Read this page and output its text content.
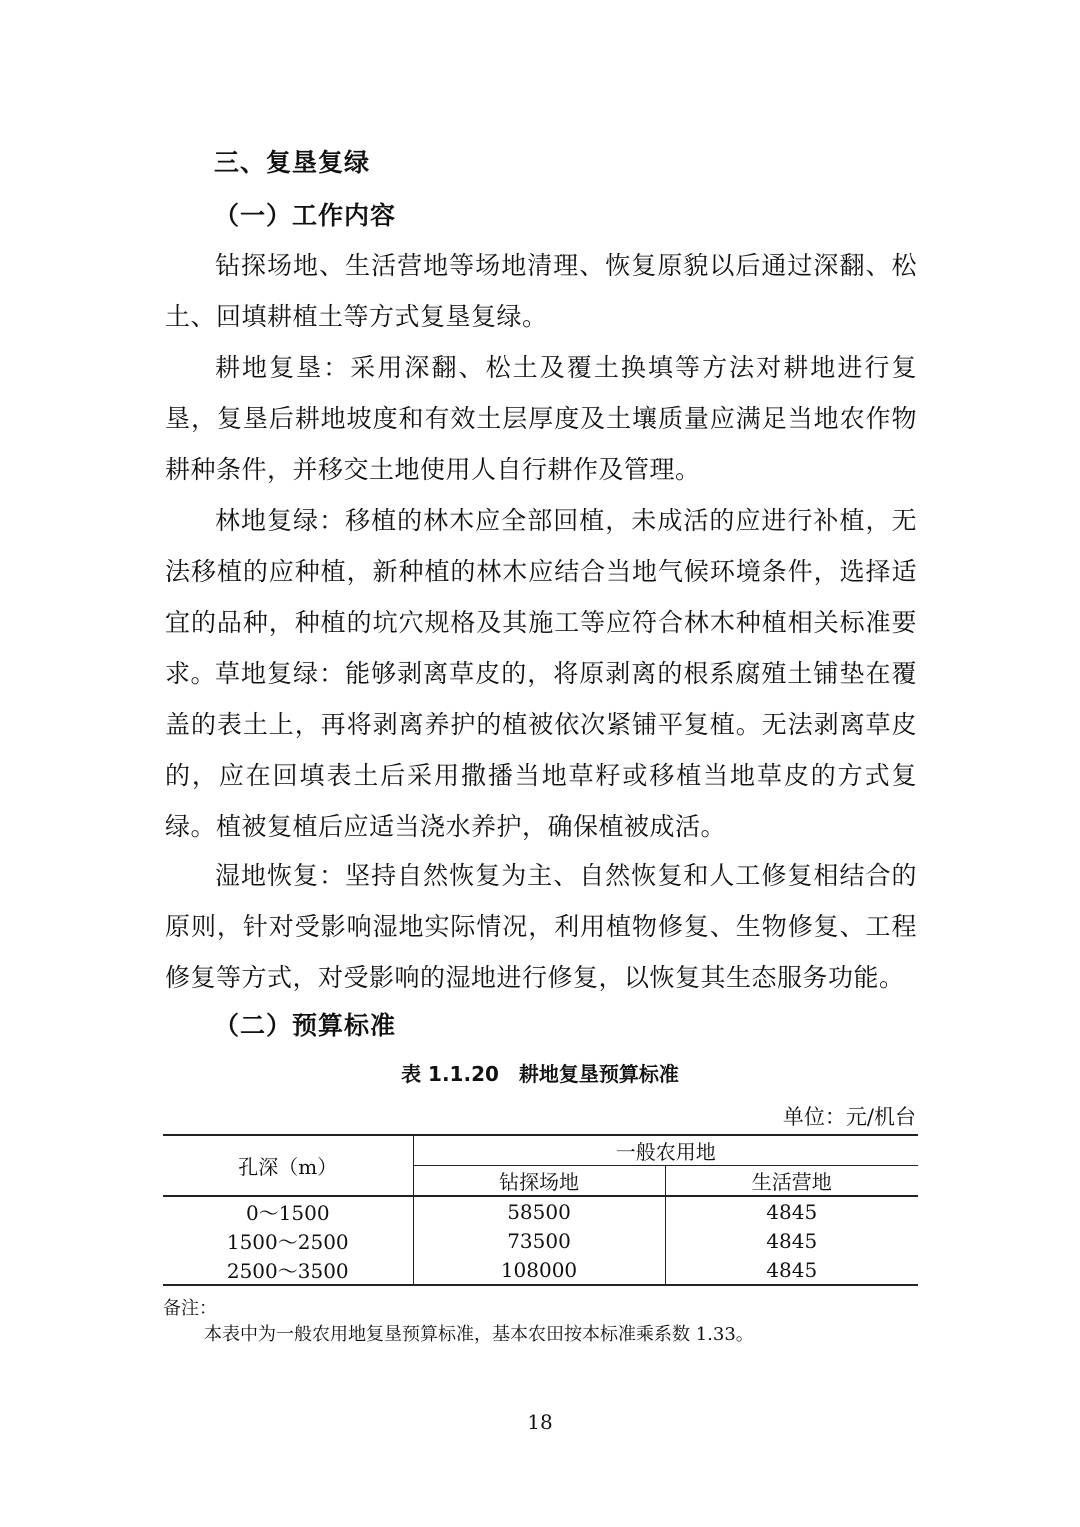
三、复垦复绿
（一）工作内容
钻探场地、生活营地等场地清理、恢复原貌以后通过深翻、松土、回填耕植土等方式复垦复绿。
耕地复垦：采用深翻、松土及覆土换填等方法对耕地进行复垦，复垦后耕地坡度和有效土层厚度及土壤质量应满足当地农作物耕种条件，并移交土地使用人自行耕作及管理。
林地复绿：移植的林木应全部回植，未成活的应进行补植，无法移植的应种植，新种植的林木应结合当地气候环境条件，选择适宜的品种，种植的坑穴规格及其施工等应符合林木种植相关标准要求。
草地复绿：能够剥离草皮的，将原剥离的根系腐殖土铺垫在覆盖的表土上，再将剥离养护的植被依次紧铺平复植。无法剥离草皮的，应在回填表土后采用撒播当地草籽或移植当地草皮的方式复绿。植被复植后应适当浇水养护，确保植被成活。
湿地恢复：坚持自然恢复为主、自然恢复和人工修复相结合的原则，针对受影响湿地实际情况，利用植物修复、生物修复、工程修复等方式，对受影响的湿地进行修复，以恢复其生态服务功能。
（二）预算标准
表 1.1.20　耕地复垦预算标准
单位：元/机台
孔深（m）	一般农用地	
	钻探场地	生活营地
0～1500	58500	4845
1500～2500	73500	4845
2500～3500	108000	4845
备注：
本表中为一般农用地复垦预算标准，基本农田按本标准乘系数 1.33。
18
